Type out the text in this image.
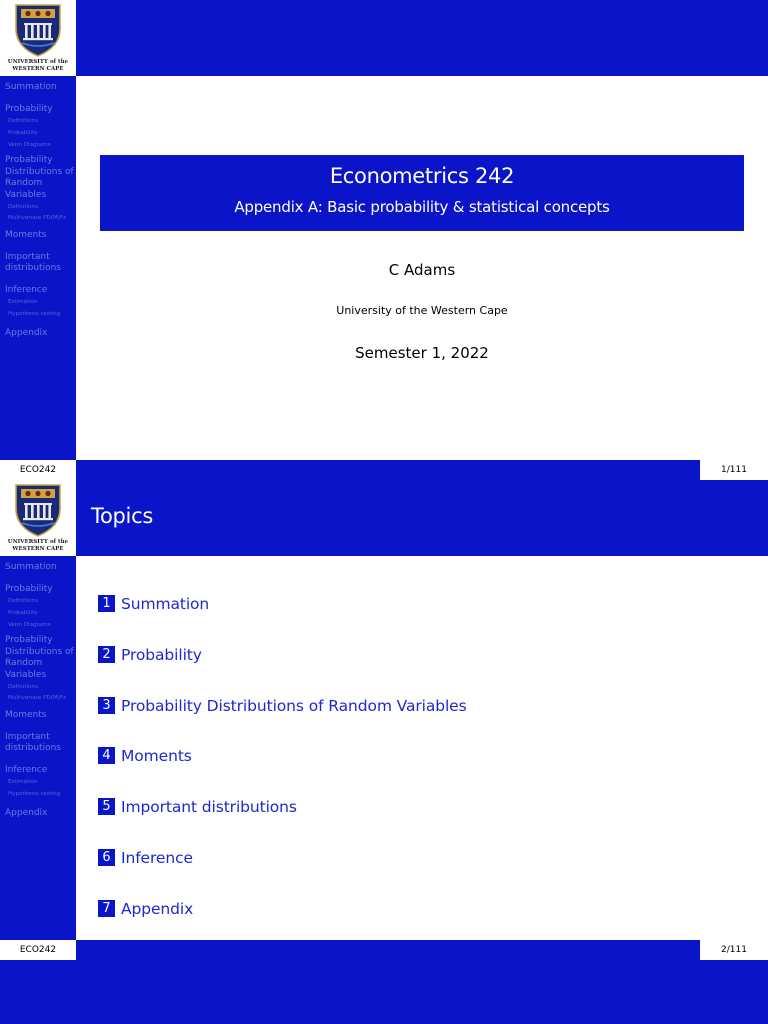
UNIVERSITY of the
WESTERN CAPE
Summation
Probability
Definitions
Probability
Venn Diagrams
Probability Distributions of Random Variables
Definitions
Multivariate PD(M)Fs
Moments
Important distributions
Inference
Estimation
Hypothesis testing
Appendix
Econometrics 242
Appendix A: Basic probability & statistical concepts
C Adams
University of the Western Cape
Semester 1, 2022
ECO242	1/111
UNIVERSITY of the
WESTERN CAPE
Summation
Probability
Definitions
Probability
Venn Diagrams
Probability Distributions of Random Variables
Definitions
Multivariate PD(M)Fs
Moments
Important distributions
Inference
Estimation
Hypothesis testing
Appendix
Topics
1 Summation
2 Probability
3 Probability Distributions of Random Variables
4 Moments
5 Important distributions
6 Inference
7 Appendix
ECO242	2/111
